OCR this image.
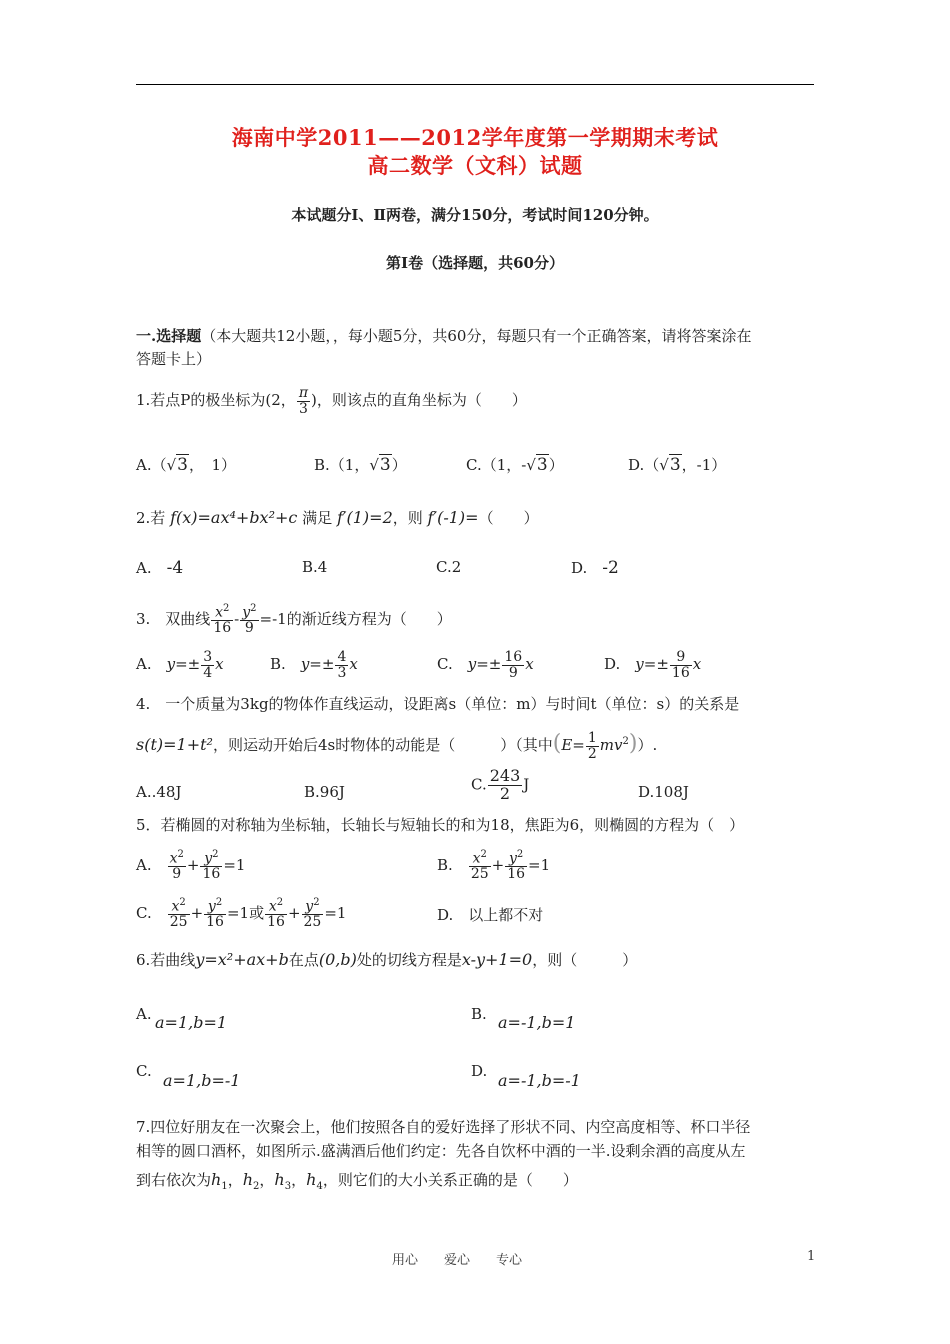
海南中学2011——2012学年度第一学期期末考试
高二数学（文科）试题
本试题分Ⅰ、Ⅱ两卷，满分150分，考试时间120分钟。
第Ⅰ卷（选择题，共60分）
一.选择题（本大题共12小题，，每小题5分，共60分，每题只有一个正确答案，请将答案涂在
答题卡上）
1.若点P的极坐标为(2， $\frac{\pi}{3}$ )，则该点的直角坐标为（　　）
A.（√3，　1）	B.（1，√3）	C.（1，-√3）	D.（√3，-1）
2.若 f(x)=ax⁴+bx²+c 满足 f′(1)=2，则 f′(-1)=（　　）
A.　 -4	B.4	C.2	D.　 -2
3.　双曲线 $\frac{x^2}{16} - \frac{y^2}{9} =-1$的渐近线方程为（　　）
A.　 $y=\pm \frac{3}{4}$ x	B.　 $y=\pm \frac{4}{3}$ x	C.　 $y=\pm \frac{16}{9}$ x	D.　 $y=\pm \frac{9}{16}$ x
4.　一个质量为3kg的物体作直线运动，设距离s（单位：m）与时间t（单位：s）的关系是
s(t)=1+t²，则运动开始后4s时物体的动能是（　　　）（其中$(E= \frac{1}{2} mv^2)$）.
A..48J	B.96J	C. $\frac{243}{2}$ J	D.108J
5．若椭圆的对称轴为坐标轴，长轴长与短轴长的和为18，焦距为6，则椭圆的方程为（　）
A.　 $\frac{x^2}{9} + \frac{y^2}{16} =1$	B.　 $\frac{x^2}{25} + \frac{y^2}{16} =1$
C.　 $\frac{x^2}{25} + \frac{y^2}{16} =1$或 $\frac{x^2}{16} + \frac{y^2}{25} =1$	D.　以上都不对
6.若曲线y=x²+ax+b在点(0,b)处的切线方程是x-y+1=0，则（　　　）
A. a=1,b=1	B. a=-1,b=1
C. a=1,b=-1	D. a=-1,b=-1
7.四位好朋友在一次聚会上，他们按照各自的爱好选择了形状不同、内空高度相等、杯口半径
相等的圆口酒杯，如图所示.盛满酒后他们约定：先各自饮杯中酒的一半.设剩余酒的高度从左
到右依次为$h_1$，$h_2$，$h_3$，$h_4$，则它们的大小关系正确的是（　　）
用心　　爱心　　专心	1
